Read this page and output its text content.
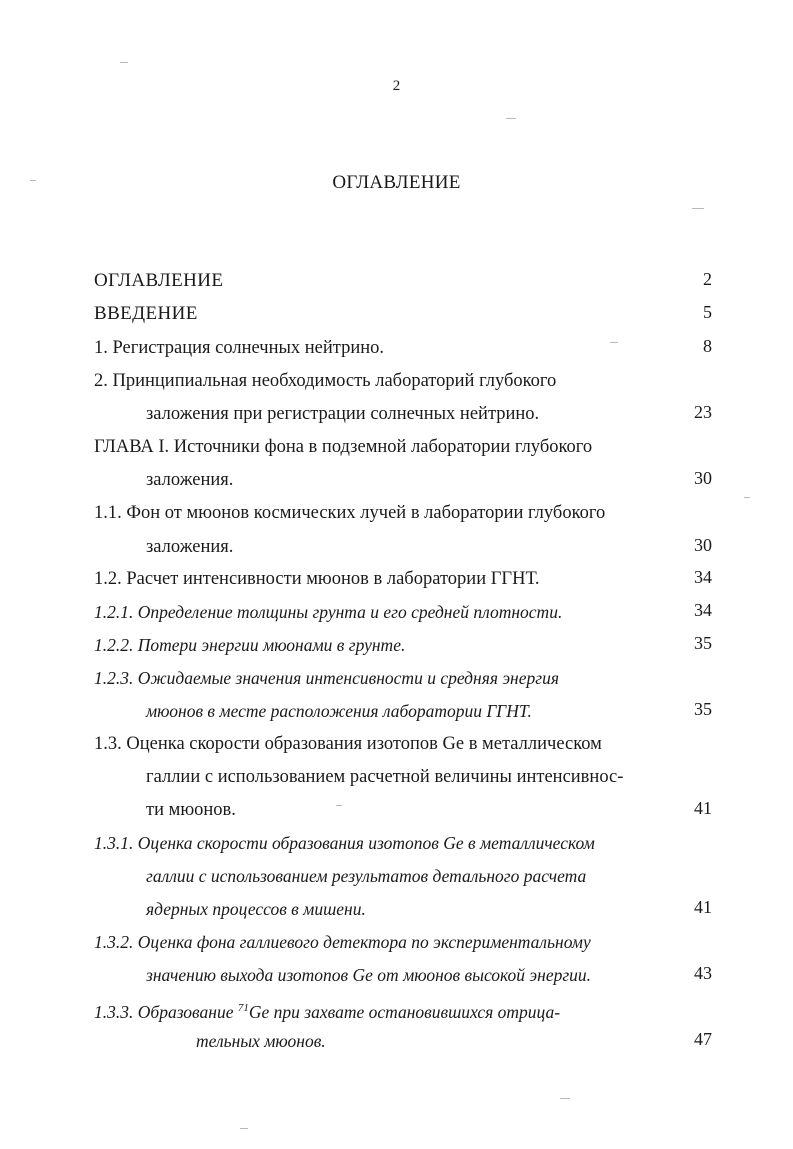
2
ОГЛАВЛЕНИЕ
ОГЛАВЛЕНИЕ	2
ВВЕДЕНИЕ	5
1. Регистрация солнечных нейтрино.	8
2. Принципиальная необходимость лабораторий глубокого
заложения при регистрации солнечных нейтрино.	23
ГЛАВА I. Источники фона в подземной лаборатории глубокого
заложения.	30
1.1. Фон от мюонов космических лучей в лаборатории глубокого
заложения.	30
1.2. Расчет интенсивности мюонов в лаборатории ГГНТ.	34
1.2.1. Определение толщины грунта и его средней плотности.	34
1.2.2. Потери энергии мюонами в грунте.	35
1.2.3. Ожидаемые значения интенсивности и средняя энергия
мюонов в месте расположения лаборатории ГГНТ.	35
1.3. Оценка скорости образования изотопов Ge в металлическом
галлии с использованием расчетной величины интенсивнос-
ти мюонов.	41
1.3.1. Оценка скорости образования изотопов Ge в металлическом
галлии с использованием результатов детального расчета
ядерных процессов в мишени.	41
1.3.2. Оценка фона галлиевого детектора по экспериментальному
значению выхода изотопов Ge от мюонов высокой энергии.	43
1.3.3. Образование $^{71}$Ge при захвате остановившихся отрица-
тельных мюонов.	47
